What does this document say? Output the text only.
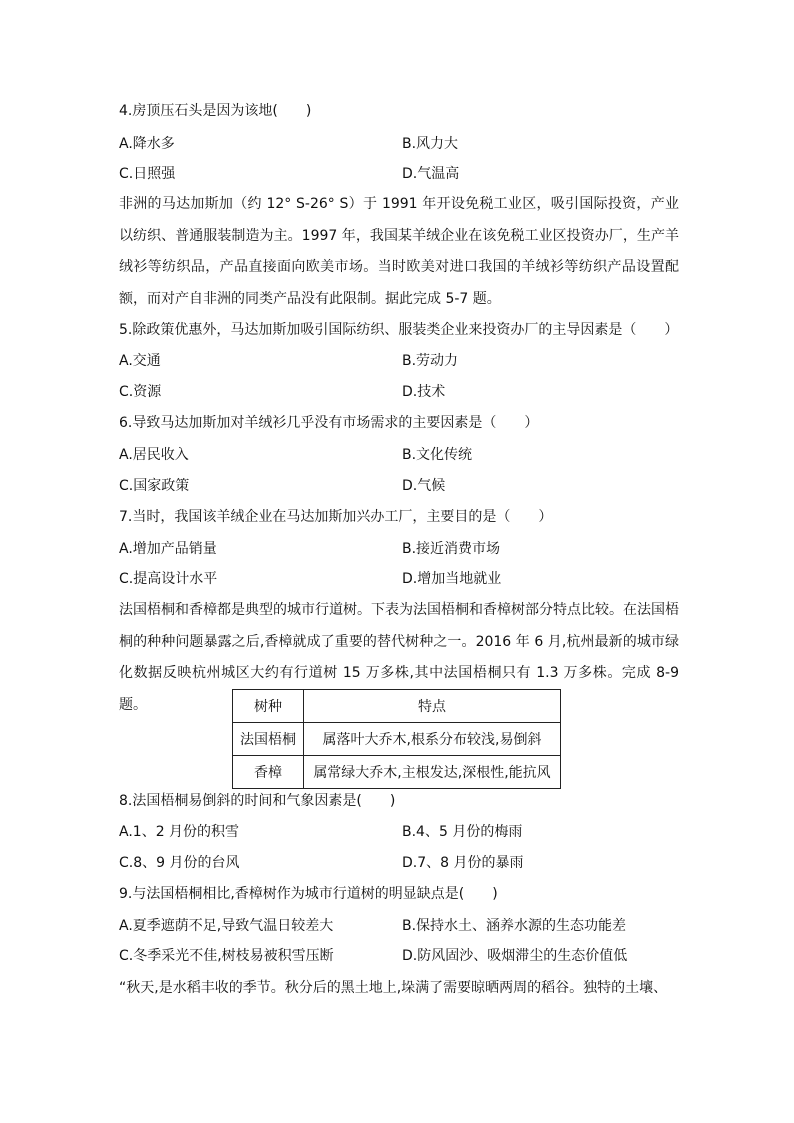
4.房顶压石头是因为该地(　　)
A.降水多	B.风力大
C.日照强	D.气温高
非洲的马达加斯加（约 12° S-26° S）于 1991 年开设免税工业区，吸引国际投资，产业以纺织、普通服装制造为主。1997 年，我国某羊绒企业在该免税工业区投资办厂，生产羊绒衫等纺织品，产品直接面向欧美市场。当时欧美对进口我国的羊绒衫等纺织产品设置配额，而对产自非洲的同类产品没有此限制。据此完成 5-7 题。
5.除政策优惠外，马达加斯加吸引国际纺织、服装类企业来投资办厂的主导因素是（　　）
A.交通	B.劳动力
C.资源	D.技术
6.导致马达加斯加对羊绒衫几乎没有市场需求的主要因素是（　　）
A.居民收入	B.文化传统
C.国家政策	D.气候
7.当时，我国该羊绒企业在马达加斯加兴办工厂，主要目的是（　　）
A.增加产品销量	B.接近消费市场
C.提高设计水平	D.增加当地就业
法国梧桐和香樟都是典型的城市行道树。下表为法国梧桐和香樟树部分特点比较。在法国梧桐的种种问题暴露之后,香樟就成了重要的替代树种之一。2016 年 6 月,杭州最新的城市绿化数据反映杭州城区大约有行道树 15 万多株,其中法国梧桐只有 1.3 万多株。完成 8-9 题。	树种	特点
法国梧桐	属落叶大乔木,根系分布较浅,易倒斜
香樟	属常绿大乔木,主根发达,深根性,能抗风
8.法国梧桐易倒斜的时间和气象因素是(　　)
A.1、2 月份的积雪	B.4、5 月份的梅雨
C.8、9 月份的台风	D.7、8 月份的暴雨
9.与法国梧桐相比,香樟树作为城市行道树的明显缺点是(　　)
A.夏季遮荫不足,导致气温日较差大	B.保持水土、涵养水源的生态功能差
C.冬季采光不佳,树枝易被积雪压断	D.防风固沙、吸烟滞尘的生态价值低
“秋天,是水稻丰收的季节。秋分后的黑土地上,垛满了需要晾晒两周的稻谷。独特的土壤、
